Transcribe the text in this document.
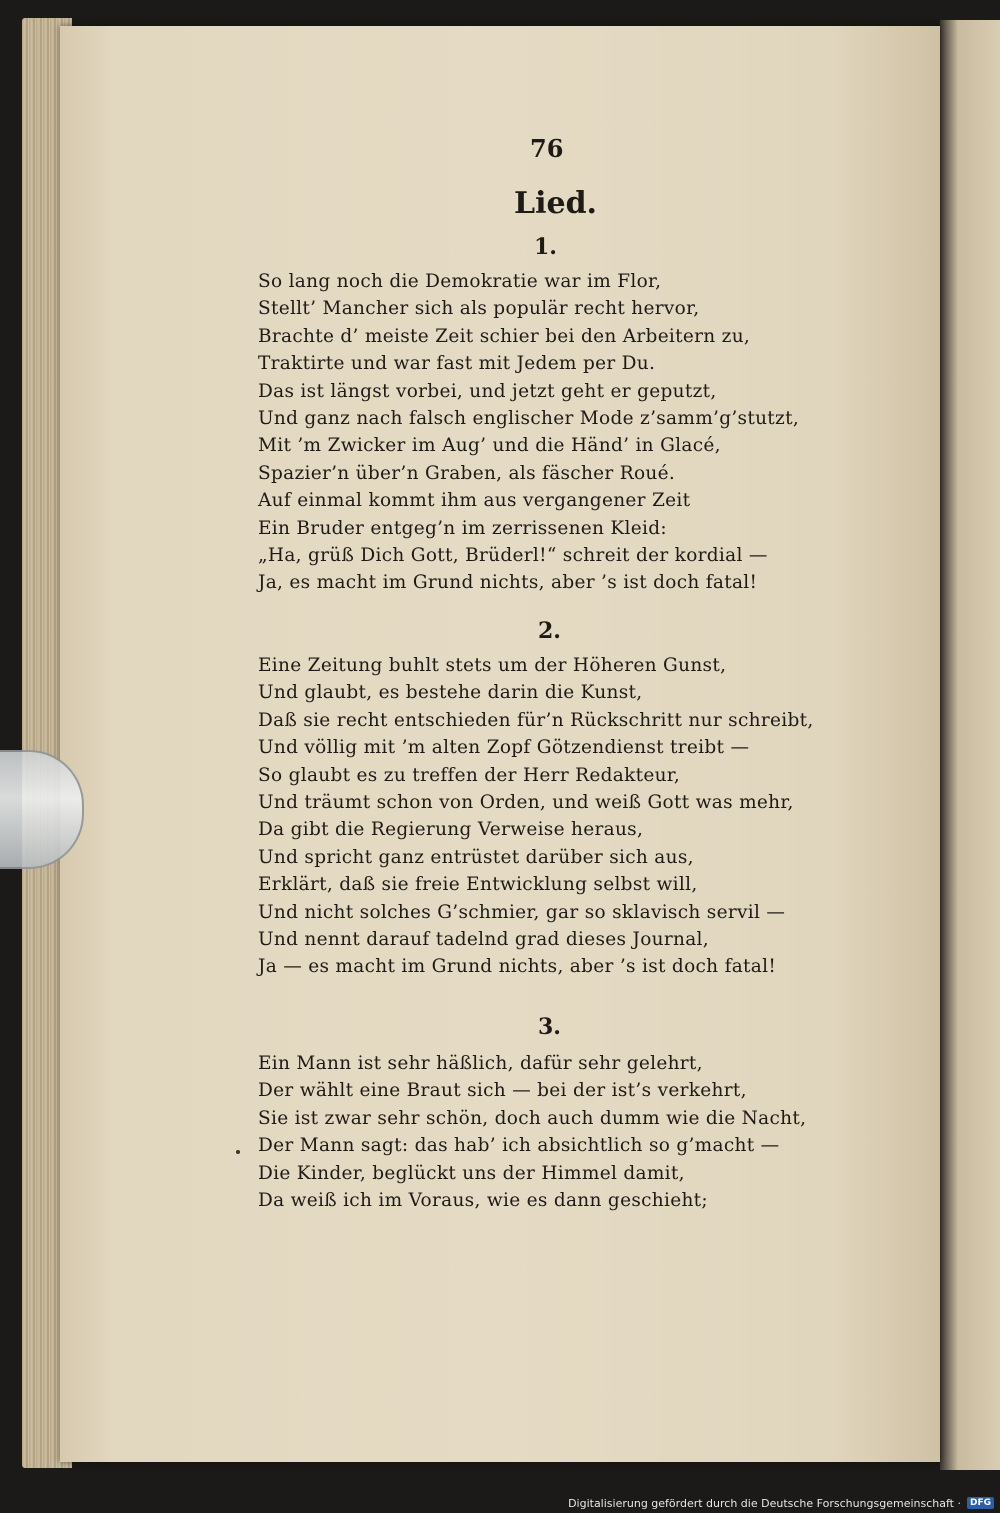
76
Lied.
1.
So lang noch die Demokratie war im Flor,
Stellt’ Mancher sich als populär recht hervor,
Brachte d’ meiste Zeit schier bei den Arbeitern zu,
Traktirte und war fast mit Jedem per Du.
Das ist längst vorbei, und jetzt geht er geputzt,
Und ganz nach falsch englischer Mode z’samm’g’stutzt,
Mit ’m Zwicker im Aug’ und die Händ’ in Glacé,
Spazier’n über’n Graben, als fäscher Roué.
Auf einmal kommt ihm aus vergangener Zeit
Ein Bruder entgeg’n im zerrissenen Kleid:
„Ha, grüß Dich Gott, Brüderl!“ schreit der kordial —
Ja, es macht im Grund nichts, aber ’s ist doch fatal!
2.
Eine Zeitung buhlt stets um der Höheren Gunst,
Und glaubt, es bestehe darin die Kunst,
Daß sie recht entschieden für’n Rückschritt nur schreibt,
Und völlig mit ’m alten Zopf Götzendienst treibt —
So glaubt es zu treffen der Herr Redakteur,
Und träumt schon von Orden, und weiß Gott was mehr,
Da gibt die Regierung Verweise heraus,
Und spricht ganz entrüstet darüber sich aus,
Erklärt, daß sie freie Entwicklung selbst will,
Und nicht solches G’schmier, gar so sklavisch servil —
Und nennt darauf tadelnd grad dieses Journal,
Ja — es macht im Grund nichts, aber ’s ist doch fatal!
3.
Ein Mann ist sehr häßlich, dafür sehr gelehrt,
Der wählt eine Braut sich — bei der ist’s verkehrt,
Sie ist zwar sehr schön, doch auch dumm wie die Nacht,
Der Mann sagt: das hab’ ich absichtlich so g’macht —
Die Kinder, beglückt uns der Himmel damit,
Da weiß ich im Voraus, wie es dann geschieht;
Digitalisierung gefördert durch die Deutsche Forschungsgemeinschaft ·	DFG
